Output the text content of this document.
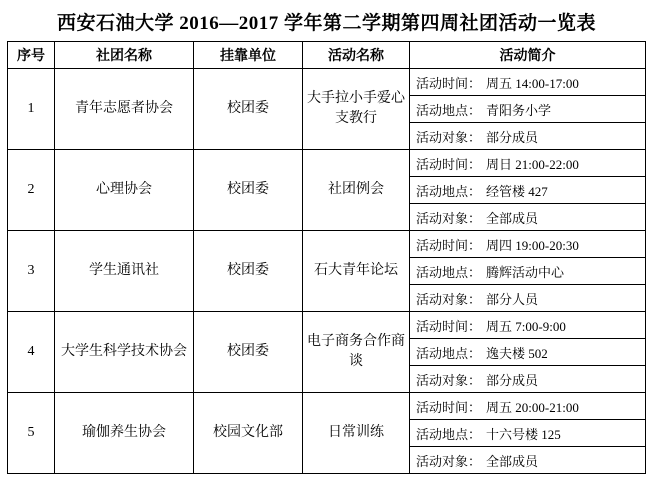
西安石油大学 2016—2017 学年第二学期第四周社团活动一览表
序号	社团名称	挂靠单位	活动名称	活动简介
1	青年志愿者协会	校团委	大手拉小手爱心支教行	
活动时间： 周五 14:00-17:00
活动地点： 青阳务小学
活动对象： 部分成员

2	心理协会	校团委	社团例会	
活动时间： 周日 21:00-22:00
活动地点： 经管楼 427
活动对象： 全部成员

3	学生通讯社	校团委	石大青年论坛	
活动时间： 周四 19:00-20:30
活动地点： 腾辉活动中心
活动对象： 部分人员

4	大学生科学技术协会	校团委	电子商务合作商谈	
活动时间： 周五 7:00-9:00
活动地点： 逸夫楼 502
活动对象：部分成员

5	瑜伽养生协会	校园文化部	日常训练	
活动时间： 周五 20:00-21:00
活动地点： 十六号楼 125
活动对象： 全部成员
